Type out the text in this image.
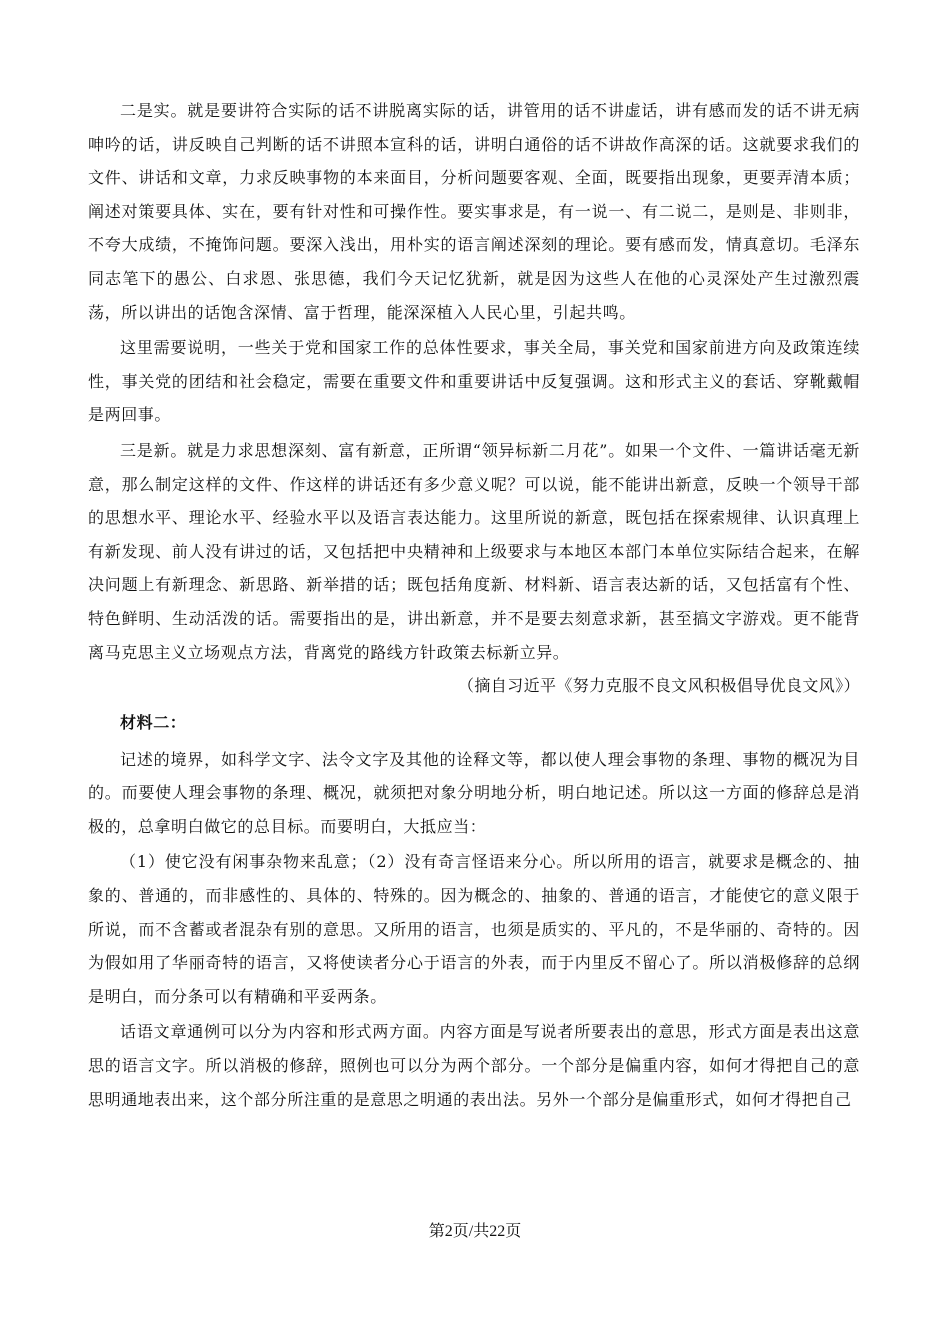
二是实。就是要讲符合实际的话不讲脱离实际的话，讲管用的话不讲虚话，讲有感而发的话不讲无病呻吟的话，讲反映自己判断的话不讲照本宣科的话，讲明白通俗的话不讲故作高深的话。这就要求我们的文件、讲话和文章，力求反映事物的本来面目，分析问题要客观、全面，既要指出现象，更要弄清本质；阐述对策要具体、实在，要有针对性和可操作性。要实事求是，有一说一、有二说二，是则是、非则非，不夸大成绩，不掩饰问题。要深入浅出，用朴实的语言阐述深刻的理论。要有感而发，情真意切。毛泽东同志笔下的愚公、白求恩、张思德，我们今天记忆犹新，就是因为这些人在他的心灵深处产生过激烈震荡，所以讲出的话饱含深情、富于哲理，能深深植入人民心里，引起共鸣。

这里需要说明，一些关于党和国家工作的总体性要求，事关全局，事关党和国家前进方向及政策连续性，事关党的团结和社会稳定，需要在重要文件和重要讲话中反复强调。这和形式主义的套话、穿靴戴帽是两回事。

三是新。就是力求思想深刻、富有新意，正所谓“领异标新二月花”。如果一个文件、一篇讲话毫无新意，那么制定这样的文件、作这样的讲话还有多少意义呢？可以说，能不能讲出新意，反映一个领导干部的思想水平、理论水平、经验水平以及语言表达能力。这里所说的新意，既包括在探索规律、认识真理上有新发现、前人没有讲过的话，又包括把中央精神和上级要求与本地区本部门本单位实际结合起来，在解决问题上有新理念、新思路、新举措的话；既包括角度新、材料新、语言表达新的话，又包括富有个性、特色鲜明、生动活泼的话。需要指出的是，讲出新意，并不是要去刻意求新，甚至搞文字游戏。更不能背离马克思主义立场观点方法，背离党的路线方针政策去标新立异。

（摘自习近平《努力克服不良文风积极倡导优良文风》）

材料二：

记述的境界，如科学文字、法令文字及其他的诠释文等，都以使人理会事物的条理、事物的概况为目的。而要使人理会事物的条理、概况，就须把对象分明地分析，明白地记述。所以这一方面的修辞总是消极的，总拿明白做它的总目标。而要明白，大抵应当：

（1）使它没有闲事杂物来乱意；（2）没有奇言怪语来分心。所以所用的语言，就要求是概念的、抽象的、普通的，而非感性的、具体的、特殊的。因为概念的、抽象的、普通的语言，才能使它的意义限于所说，而不含蓄或者混杂有别的意思。又所用的语言，也须是质实的、平凡的，不是华丽的、奇特的。因为假如用了华丽奇特的语言，又将使读者分心于语言的外表，而于内里反不留心了。所以消极修辞的总纲是明白，而分条可以有精确和平妥两条。

话语文章通例可以分为内容和形式两方面。内容方面是写说者所要表出的意思，形式方面是表出这意思的语言文字。所以消极的修辞，照例也可以分为两个部分。一个部分是偏重内容，如何才得把自己的意思明通地表出来，这个部分所注重的是意思之明通的表出法。另外一个部分是偏重形式，如何才得把自己

第2页/共22页
